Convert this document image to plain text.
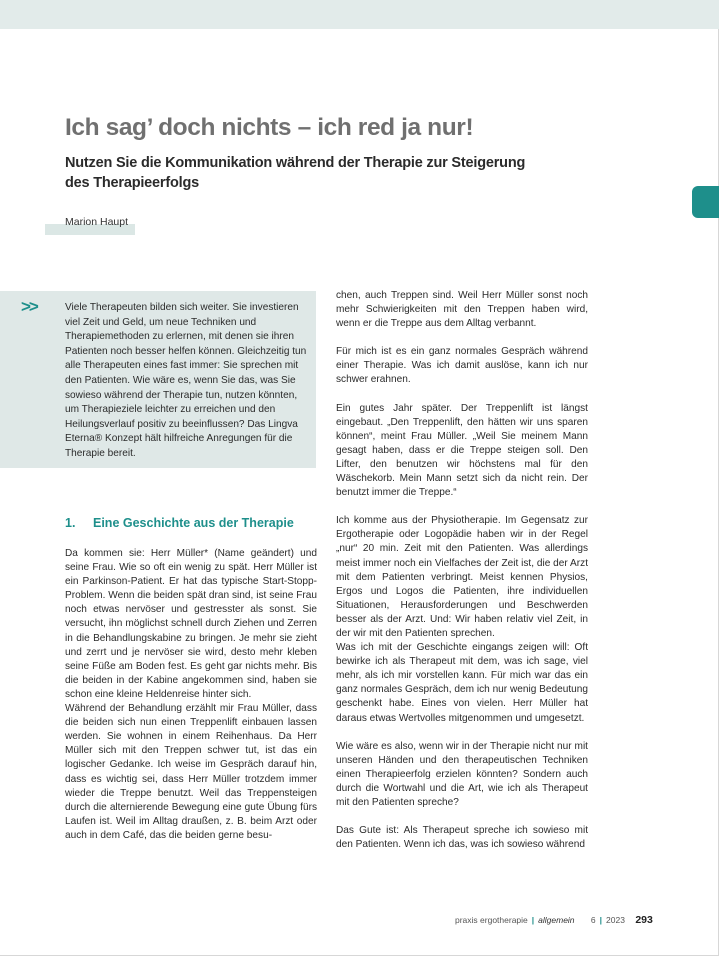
Ich sag’ doch nichts – ich red ja nur!
Nutzen Sie die Kommunikation während der Therapie zur Steigerung des Therapieerfolgs
Marion Haupt
>>	Viele Therapeuten bilden sich weiter. Sie investieren viel Zeit und Geld, um neue Techniken und Therapiemethoden zu erlernen, mit denen sie ihren Patienten noch besser helfen können. Gleichzeitig tun alle Therapeuten eines fast immer: Sie sprechen mit den Patienten. Wie wäre es, wenn Sie das, was Sie sowieso während der Therapie tun, nutzen könnten, um Therapieziele leichter zu erreichen und den Heilungsverlauf positiv zu beeinflussen? Das Lingva Eterna® Konzept hält hilfreiche Anregungen für die Therapie bereit.

1. Eine Geschichte aus der Therapie

Da kommen sie: Herr Müller* (Name geändert) und seine Frau. Wie so oft ein wenig zu spät. Herr Müller ist ein Parkinson-Patient. Er hat das typische Start-Stopp-Problem. Wenn die beiden spät dran sind, ist seine Frau noch etwas nervöser und gestresster als sonst. Sie versucht, ihn möglichst schnell durch Ziehen und Zerren in die Behandlungskabine zu bringen. Je mehr sie zieht und zerrt und je nervöser sie wird, desto mehr kleben seine Füße am Boden fest. Es geht gar nichts mehr. Bis die beiden in der Kabine angekommen sind, haben sie schon eine kleine Heldenreise hinter sich.

Während der Behandlung erzählt mir Frau Müller, dass die beiden sich nun einen Treppenlift einbauen lassen werden. Sie wohnen in einem Reihenhaus. Da Herr Müller sich mit den Treppen schwer tut, ist das ein logischer Gedanke. Ich weise im Gespräch darauf hin, dass es wichtig sei, dass Herr Müller trotzdem immer wieder die Treppe benutzt. Weil das Treppensteigen durch die alternierende Bewegung eine gute Übung fürs Laufen ist. Weil im Alltag draußen, z. B. beim Arzt oder auch in dem Café, das die beiden gerne besu-

chen, auch Treppen sind. Weil Herr Müller sonst noch mehr Schwierigkeiten mit den Treppen haben wird, wenn er die Treppe aus dem Alltag verbannt.

Für mich ist es ein ganz normales Gespräch während einer Therapie. Was ich damit auslöse, kann ich nur schwer erahnen.

Ein gutes Jahr später. Der Treppenlift ist längst eingebaut. „Den Treppenlift, den hätten wir uns sparen können“, meint Frau Müller. „Weil Sie meinem Mann gesagt haben, dass er die Treppe steigen soll. Den Lifter, den benutzen wir höchstens mal für den Wäschekorb. Mein Mann setzt sich da nicht rein. Der benutzt immer die Treppe.“

Ich komme aus der Physiotherapie. Im Gegensatz zur Ergotherapie oder Logopädie haben wir in der Regel „nur“ 20 min. Zeit mit den Patienten. Was allerdings meist immer noch ein Vielfaches der Zeit ist, die der Arzt mit dem Patienten verbringt. Meist kennen Physios, Ergos und Logos die Patienten, ihre individuellen Situationen, Herausforderungen und Beschwerden besser als der Arzt. Und: Wir haben relativ viel Zeit, in der wir mit den Patienten sprechen.

Was ich mit der Geschichte eingangs zeigen will: Oft bewirke ich als Therapeut mit dem, was ich sage, viel mehr, als ich mir vorstellen kann. Für mich war das ein ganz normales Gespräch, dem ich nur wenig Bedeutung geschenkt habe. Eines von vielen. Herr Müller hat daraus etwas Wertvolles mitgenommen und umgesetzt.

Wie wäre es also, wenn wir in der Therapie nicht nur mit unseren Händen und den therapeutischen Techniken einen Therapieerfolg erzielen könnten? Sondern auch durch die Wortwahl und die Art, wie ich als Therapeut mit den Patienten spreche?

Das Gute ist: Als Therapeut spreche ich sowieso mit den Patienten. Wenn ich das, was ich sowieso während

praxis ergotherapie | allgemein 6 | 2023 293
